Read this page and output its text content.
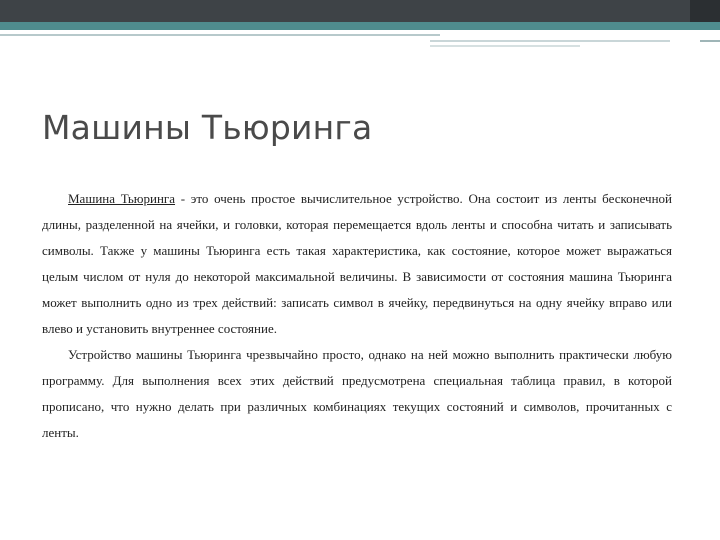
Машины Тьюринга

Машина Тьюринга - это очень простое вычислительное устройство. Она состоит из ленты бесконечной длины, разделенной на ячейки, и головки, которая перемещается вдоль ленты и способна читать и записывать символы. Также у машины Тьюринга есть такая характеристика, как состояние, которое может выражаться целым числом от нуля до некоторой максимальной величины. В зависимости от состояния машина Тьюринга может выполнить одно из трех действий: записать символ в ячейку, передвинуться на одну ячейку вправо или влево и установить внутреннее состояние.

Устройство машины Тьюринга чрезвычайно просто, однако на ней можно выполнить практически любую программу. Для выполнения всех этих действий предусмотрена специальная таблица правил, в которой прописано, что нужно делать при различных комбинациях текущих состояний и символов, прочитанных с ленты.
